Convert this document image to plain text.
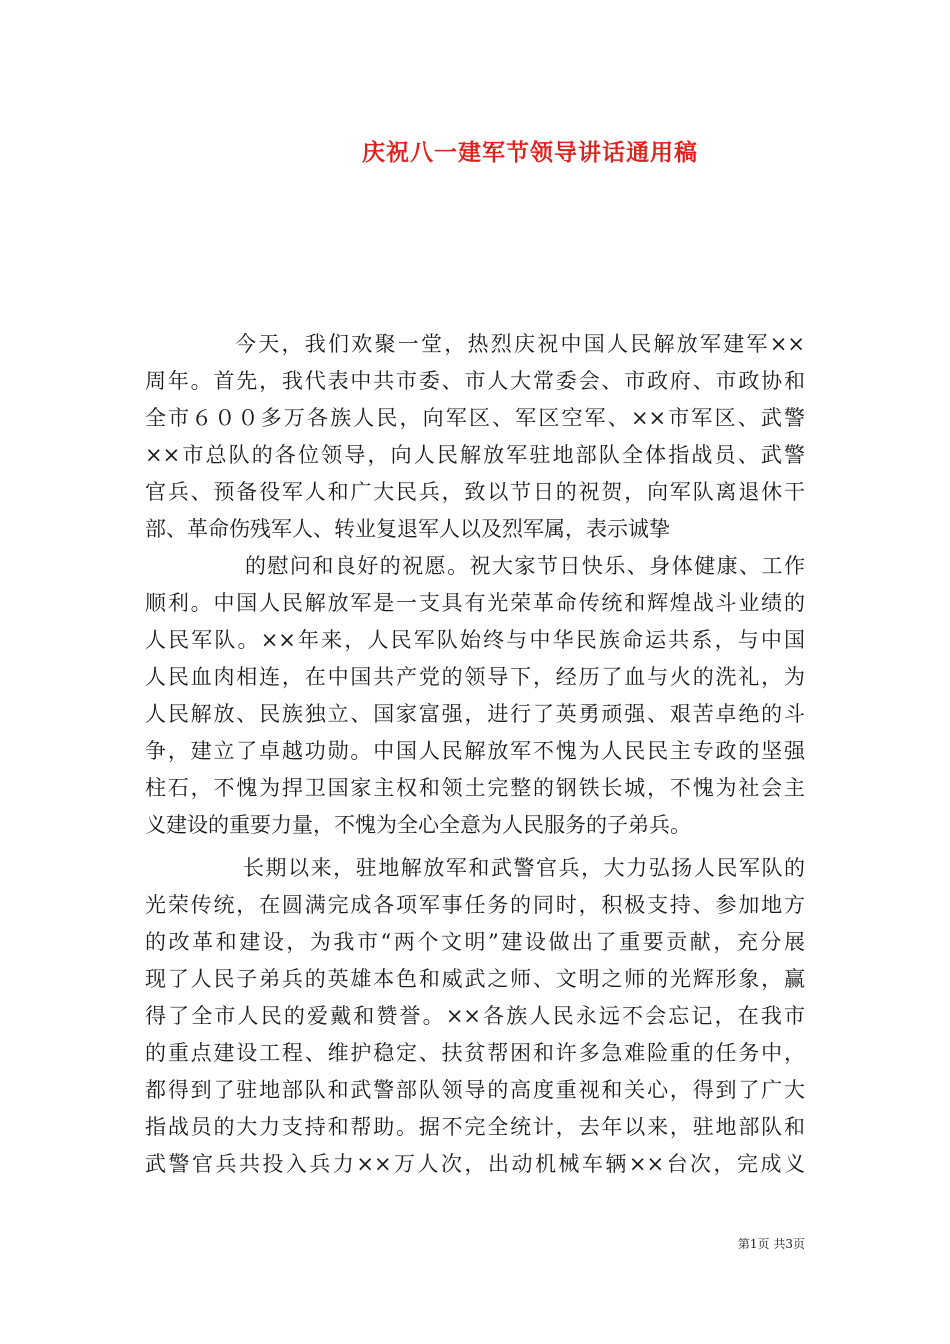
庆祝八一建军节领导讲话通用稿
今天，我们欢聚一堂，热烈庆祝中国人民解放军建军××
周年。首先，我代表中共市委、市人大常委会、市政府、市政协和
全市６００多万各族人民，向军区、军区空军、××市军区、武警
××市总队的各位领导，向人民解放军驻地部队全体指战员、武警
官兵、预备役军人和广大民兵，致以节日的祝贺，向军队离退休干
部、革命伤残军人、转业复退军人以及烈军属，表示诚挚
的慰问和良好的祝愿。祝大家节日快乐、身体健康、工作
顺利。中国人民解放军是一支具有光荣革命传统和辉煌战斗业绩的
人民军队。××年来，人民军队始终与中华民族命运共系，与中国
人民血肉相连，在中国共产党的领导下，经历了血与火的洗礼，为
人民解放、民族独立、国家富强，进行了英勇顽强、艰苦卓绝的斗
争，建立了卓越功勋。中国人民解放军不愧为人民民主专政的坚强
柱石，不愧为捍卫国家主权和领土完整的钢铁长城，不愧为社会主
义建设的重要力量，不愧为全心全意为人民服务的子弟兵。
长期以来，驻地解放军和武警官兵，大力弘扬人民军队的
光荣传统，在圆满完成各项军事任务的同时，积极支持、参加地方
的改革和建设，为我市“两个文明”建设做出了重要贡献，充分展
现了人民子弟兵的英雄本色和威武之师、文明之师的光辉形象，赢
得了全市人民的爱戴和赞誉。××各族人民永远不会忘记，在我市
的重点建设工程、维护稳定、扶贫帮困和许多急难险重的任务中，
都得到了驻地部队和武警部队领导的高度重视和关心，得到了广大
指战员的大力支持和帮助。据不完全统计，去年以来，驻地部队和
武警官兵共投入兵力××万人次，出动机械车辆××台次，完成义
第1页 共3页
